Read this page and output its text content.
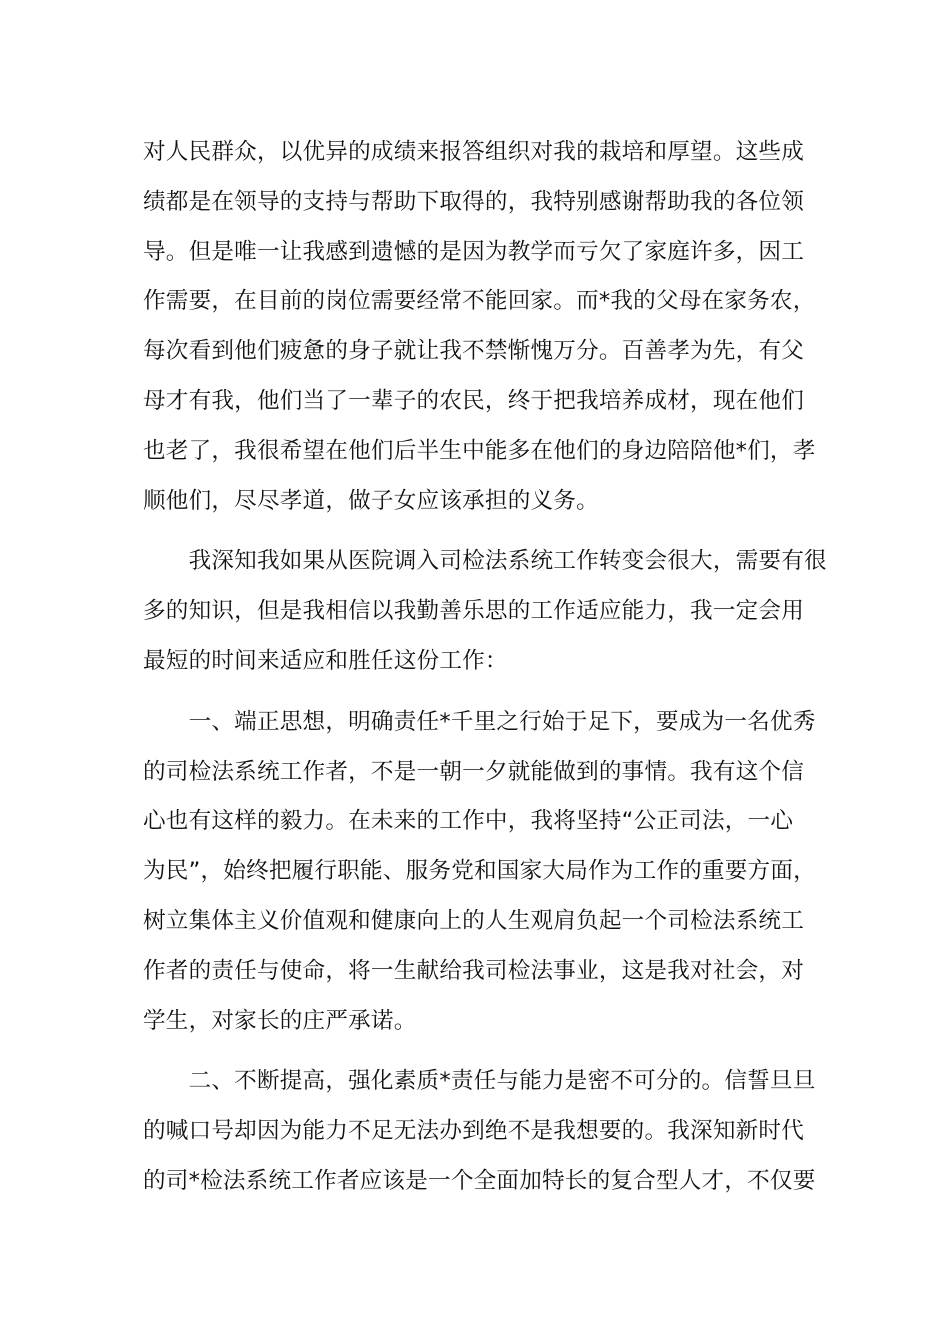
对人民群众，以优异的成绩来报答组织对我的栽培和厚望。这些成
绩都是在领导的支持与帮助下取得的，我特别感谢帮助我的各位领
导。但是唯一让我感到遗憾的是因为教学而亏欠了家庭许多，因工
作需要，在目前的岗位需要经常不能回家。而*我的父母在家务农，
每次看到他们疲惫的身子就让我不禁惭愧万分。百善孝为先，有父
母才有我，他们当了一辈子的农民，终于把我培养成材，现在他们
也老了，我很希望在他们后半生中能多在他们的身边陪陪他*们，孝
顺他们，尽尽孝道，做子女应该承担的义务。

　　我深知我如果从医院调入司检法系统工作转变会很大，需要有很
多的知识，但是我相信以我勤善乐思的工作适应能力，我一定会用
最短的时间来适应和胜任这份工作：

　　一、端正思想，明确责任*千里之行始于足下，要成为一名优秀
的司检法系统工作者，不是一朝一夕就能做到的事情。我有这个信
心也有这样的毅力。在未来的工作中，我将坚持“公正司法，一心
为民”，始终把履行职能、服务党和国家大局作为工作的重要方面，
树立集体主义价值观和健康向上的人生观肩负起一个司检法系统工
作者的责任与使命，将一生献给我司检法事业，这是我对社会，对
学生，对家长的庄严承诺。

　　二、不断提高，强化素质*责任与能力是密不可分的。信誓旦旦
的喊口号却因为能力不足无法办到绝不是我想要的。我深知新时代
的司*检法系统工作者应该是一个全面加特长的复合型人才，不仅要
